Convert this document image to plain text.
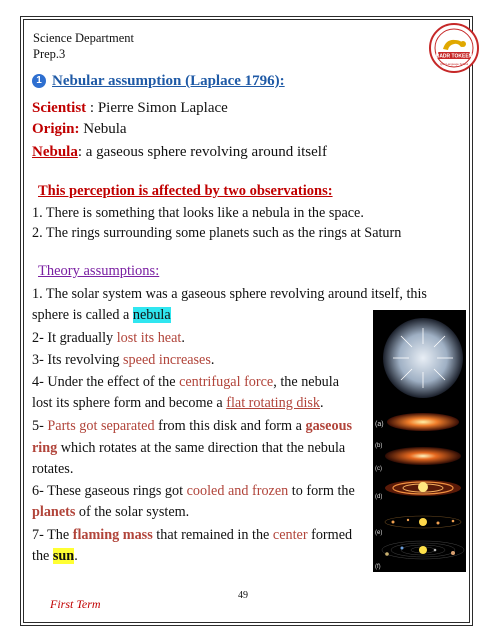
Science Department
Prep.3	BADR TOKEEN
Quiz Language School
1 Nebular assumption (Laplace 1796):
Scientist : Pierre Simon Laplace
Origin: Nebula
Nebula: a gaseous sphere revolving around itself
This perception is affected by two observations:
1. There is something that looks like a nebula in the space.
2. The rings surrounding some planets such as the rings at Saturn
Theory assumptions:
1. The solar system was a gaseous sphere revolving around itself, this
sphere is called a nebula
2- It gradually lost its heat.
3- Its revolving speed increases.
4- Under the effect of the centrifugal force, the nebula
lost its sphere form and become a flat rotating disk.
5- Parts got separated from this disk and form a gaseous
ring which rotates at the same direction that the nebula
rotates.
6- These gaseous rings got cooled and frozen to form the
planets of the solar system.
7- The flaming mass that remained in the center formed
the sun.
(a)
(b)
(c)
(d)
(e)
(f)
First Term
49
